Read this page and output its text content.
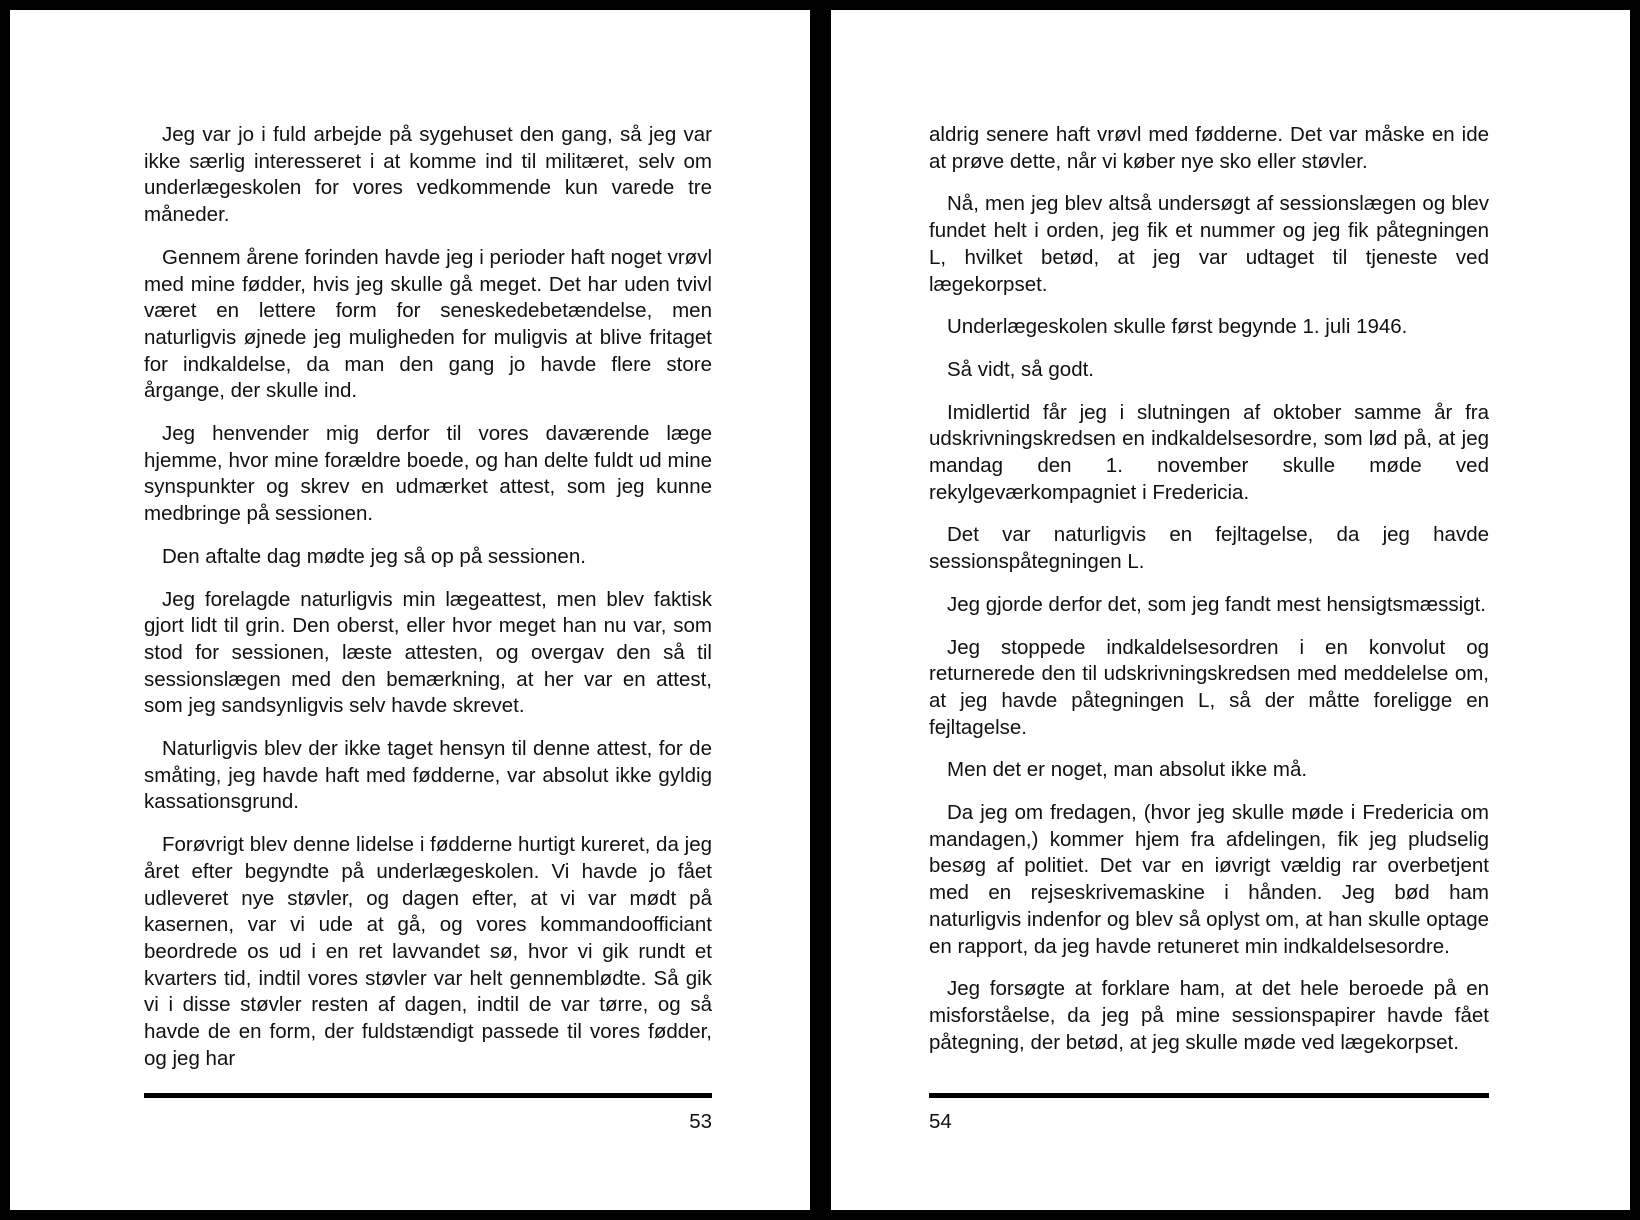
Jeg var jo i fuld arbejde på sygehuset den gang, så jeg var ikke særlig interesseret i at komme ind til militæret, selv om underlægeskolen for vores vedkommende kun varede tre måneder.

Gennem årene forinden havde jeg i perioder haft noget vrøvl med mine fødder, hvis jeg skulle gå meget. Det har uden tvivl været en lettere form for seneskedebetændelse, men naturligvis øjnede jeg muligheden for muligvis at blive fritaget for indkaldelse, da man den gang jo havde flere store årgange, der skulle ind.

Jeg henvender mig derfor til vores daværende læge hjemme, hvor mine forældre boede, og han delte fuldt ud mine synspunkter og skrev en udmærket attest, som jeg kunne medbringe på sessionen.

Den aftalte dag mødte jeg så op på sessionen.

Jeg forelagde naturligvis min lægeattest, men blev faktisk gjort lidt til grin. Den oberst, eller hvor meget han nu var, som stod for sessionen, læste attesten, og overgav den så til sessionslægen med den bemærkning, at her var en attest, som jeg sandsynligvis selv havde skrevet.

Naturligvis blev der ikke taget hensyn til denne attest, for de småting, jeg havde haft med fødderne, var absolut ikke gyldig kassationsgrund.

Forøvrigt blev denne lidelse i fødderne hurtigt kureret, da jeg året efter begyndte på underlægeskolen. Vi havde jo fået udleveret nye støvler, og dagen efter, at vi var mødt på kasernen, var vi ude at gå, og vores kommandoofficiant beordrede os ud i en ret lavvandet sø, hvor vi gik rundt et kvarters tid, indtil vores støvler var helt gennemblødte. Så gik vi i disse støvler resten af dagen, indtil de var tørre, og så havde de en form, der fuldstændigt passede til vores fødder, og jeg har

53

aldrig senere haft vrøvl med fødderne. Det var måske en ide at prøve dette, når vi køber nye sko eller støvler.

Nå, men jeg blev altså undersøgt af sessionslægen og blev fundet helt i orden, jeg fik et nummer og jeg fik påtegningen L, hvilket betød, at jeg var udtaget til tjeneste ved lægekorpset.

Underlægeskolen skulle først begynde 1. juli 1946.

Så vidt, så godt.

Imidlertid får jeg i slutningen af oktober samme år fra udskrivningskredsen en indkaldelsesordre, som lød på, at jeg mandag den 1. november skulle møde ved rekylgeværkompagniet i Fredericia.

Det var naturligvis en fejltagelse, da jeg havde sessionspåtegningen L.

Jeg gjorde derfor det, som jeg fandt mest hensigtsmæssigt.

Jeg stoppede indkaldelsesordren i en konvolut og returnerede den til udskrivningskredsen med meddelelse om, at jeg havde påtegningen L, så der måtte foreligge en fejltagelse.

Men det er noget, man absolut ikke må.

Da jeg om fredagen, (hvor jeg skulle møde i Fredericia om mandagen,) kommer hjem fra afdelingen, fik jeg pludselig besøg af politiet. Det var en iøvrigt vældig rar overbetjent med en rejseskrivemaskine i hånden. Jeg bød ham naturligvis indenfor og blev så oplyst om, at han skulle optage en rapport, da jeg havde retuneret min indkaldelsesordre.

Jeg forsøgte at forklare ham, at det hele beroede på en misforståelse, da jeg på mine sessionspapirer havde fået påtegning, der betød, at jeg skulle møde ved lægekorpset.

54
